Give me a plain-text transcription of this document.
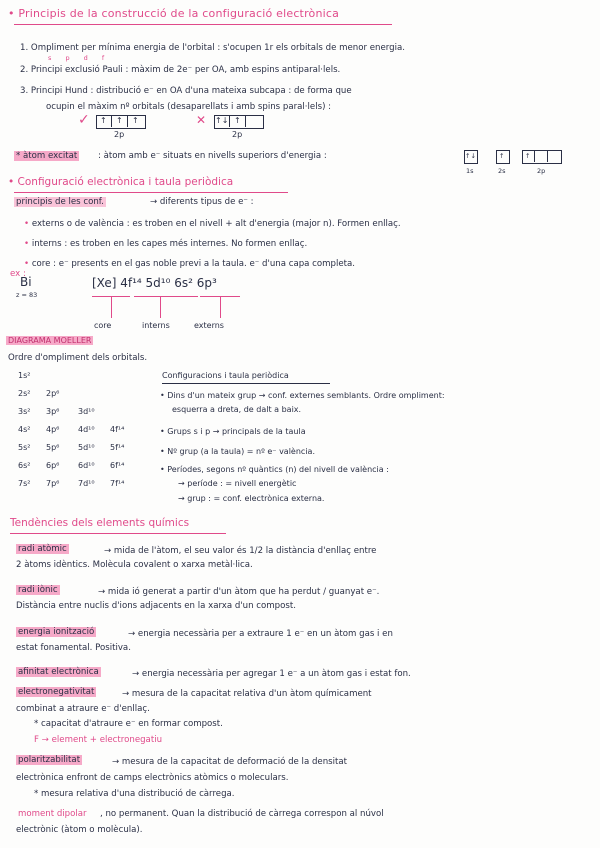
• Principis de la construcció de la configuració electrònica
1. Ompliment per mínima energia de l'orbital : s'ocupen 1r els orbitals de menor energia.
s p d f
2. Principi exclusió Pauli : màxim de 2e⁻ per OA, amb espins antiparal·lels.
3. Principi Hund : distribució e⁻ en OA d'una mateixa subcapa : de forma que
ocupin el màxim nº orbitals (desaparellats i amb spins paral·lels) :
✓ ↑ ↑ ↑
2p
✕ ↑↓ ↑
2p
* àtom excitat : àtom amb e⁻ situats en nivells superiors d'energia :	↑↓	↑	↑
1s	2s	2p
• Configuració electrònica i taula periòdica
principis de les conf.	→ diferents tipus de e⁻ :
• externs o de valència : es troben en el nivell + alt d'energia (major n). Formen enllaç.
• interns : es troben en les capes més internes. No formen enllaç.
• core : e⁻ presents en el gas noble previ a la taula. e⁻ d'una capa completa.
ex :
Bi
z = 83
[Xe] 4f¹⁴ 5d¹⁰ 6s² 6p³
core	interns	externs
DIAGRAMA MOELLER
Ordre d'ompliment dels orbitals.
1s²
2s² 2p⁶
3s² 3p⁶ 3d¹⁰
4s² 4p⁶ 4d¹⁰ 4f¹⁴
5s² 5p⁶ 5d¹⁰ 5f¹⁴
6s² 6p⁶ 6d¹⁰ 6f¹⁴
7s² 7p⁶ 7d¹⁰ 7f¹⁴
Configuracions i taula periòdica
• Dins d'un mateix grup → conf. externes semblants. Ordre ompliment:
esquerra a dreta, de dalt a baix.
• Grups s i p → principals de la taula
• Nº grup (a la taula) = nº e⁻ valència.
• Períodes, segons nº quàntics (n) del nivell de valència :
→ període : = nivell energètic
→ grup : = conf. electrònica externa.
Tendències dels elements químics
radi atòmic	→ mida de l'àtom, el seu valor és 1/2 la distància d'enllaç entre
2 àtoms idèntics. Molècula covalent o xarxa metàl·lica.
radi iònic	→ mida ió generat a partir d'un àtom que ha perdut / guanyat e⁻.
Distància entre nuclis d'ions adjacents en la xarxa d'un compost.
energia ionització	→ energia necessària per a extraure 1 e⁻ en un àtom gas i en
estat fonamental. Positiva.
afinitat electrònica	→ energia necessària per agregar 1 e⁻ a un àtom gas i estat fon.
electronegativitat	→ mesura de la capacitat relativa d'un àtom químicament
combinat a atraure e⁻ d'enllaç.
* capacitat d'atraure e⁻ en formar compost.
F → element + electronegatiu
polaritzabilitat	→ mesura de la capacitat de deformació de la densitat
electrònica enfront de camps electrònics atòmics o moleculars.
* mesura relativa d'una distribució de càrrega.
moment dipolar , no permanent. Quan la distribució de càrrega correspon al núvol
electrònic (àtom o molècula).
